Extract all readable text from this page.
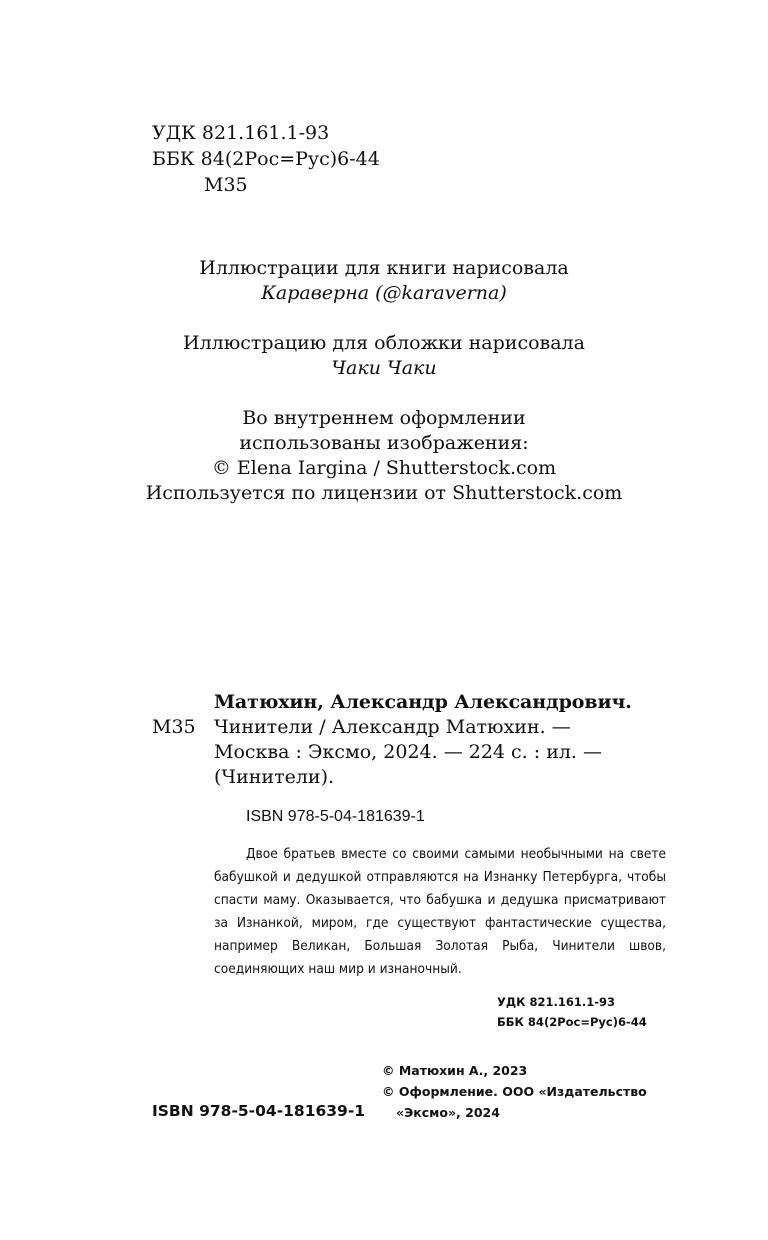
УДК 821.161.1-93
ББК 84(2Рос=Рус)6-44
М35
Иллюстрации для книги нарисовала
Караверна (@karaverna)
Иллюстрацию для обложки нарисовала
Чаки Чаки
Во внутреннем оформлении
использованы изображения:
© Elena Iargina / Shutterstock.com
Используется по лицензии от Shutterstock.com
Матюхин, Александр Александрович.
М35 Чинители / Александр Матюхин. —
Москва : Эксмо, 2024. — 224 с. : ил. —
(Чинители).
ISBN 978-5-04-181639-1
Двое братьев вместе со своими самыми необычными на свете бабушкой и дедушкой отправляются на Изнанку Петербурга, чтобы спасти маму. Оказывается, что бабушка и дедушка присматривают за Изнанкой, миром, где существуют фантастические существа, например Великан, Большая Золотая Рыба, Чинители швов, соединяющих наш мир и изнаночный.
УДК 821.161.1-93
ББК 84(2Рос=Рус)6-44
© Матюхин А., 2023
© Оформление. ООО «Издательство
«Эксмо», 2024
ISBN 978-5-04-181639-1
